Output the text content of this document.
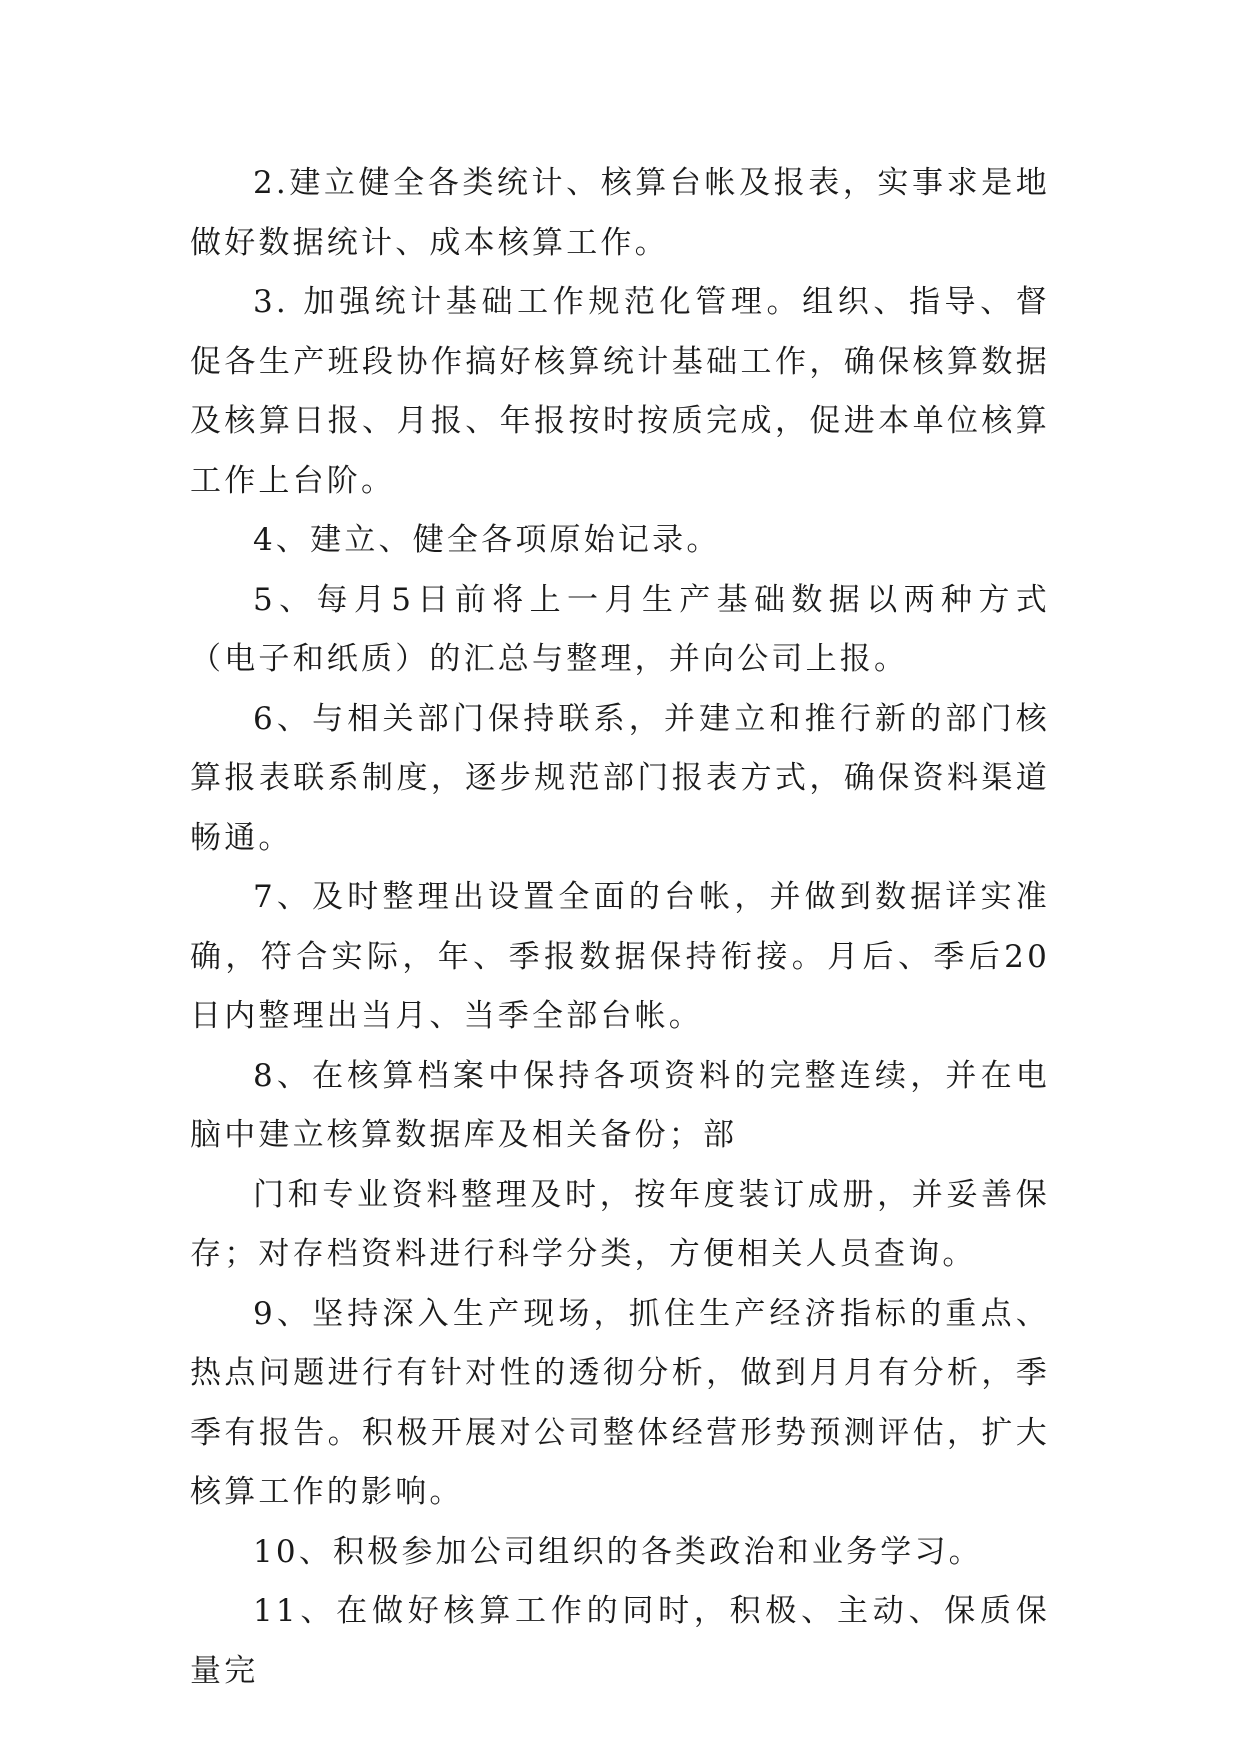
2.建立健全各类统计、核算台帐及报表，实事求是地做好数据统计、成本核算工作。

3. 加强统计基础工作规范化管理。组织、指导、督促各生产班段协作搞好核算统计基础工作，确保核算数据及核算日报、月报、年报按时按质完成，促进本单位核算工作上台阶。

4、建立、健全各项原始记录。

5、每月5日前将上一月生产基础数据以两种方式（电子和纸质）的汇总与整理，并向公司上报。

6、与相关部门保持联系，并建立和推行新的部门核算报表联系制度，逐步规范部门报表方式，确保资料渠道畅通。

7、及时整理出设置全面的台帐，并做到数据详实准确，符合实际，年、季报数据保持衔接。月后、季后20日内整理出当月、当季全部台帐。

8、在核算档案中保持各项资料的完整连续，并在电脑中建立核算数据库及相关备份；部

门和专业资料整理及时，按年度装订成册，并妥善保存；对存档资料进行科学分类，方便相关人员查询。

9、坚持深入生产现场，抓住生产经济指标的重点、热点问题进行有针对性的透彻分析，做到月月有分析，季季有报告。积极开展对公司整体经营形势预测评估，扩大核算工作的影响。

10、积极参加公司组织的各类政治和业务学习。

11、在做好核算工作的同时，积极、主动、保质保量完
